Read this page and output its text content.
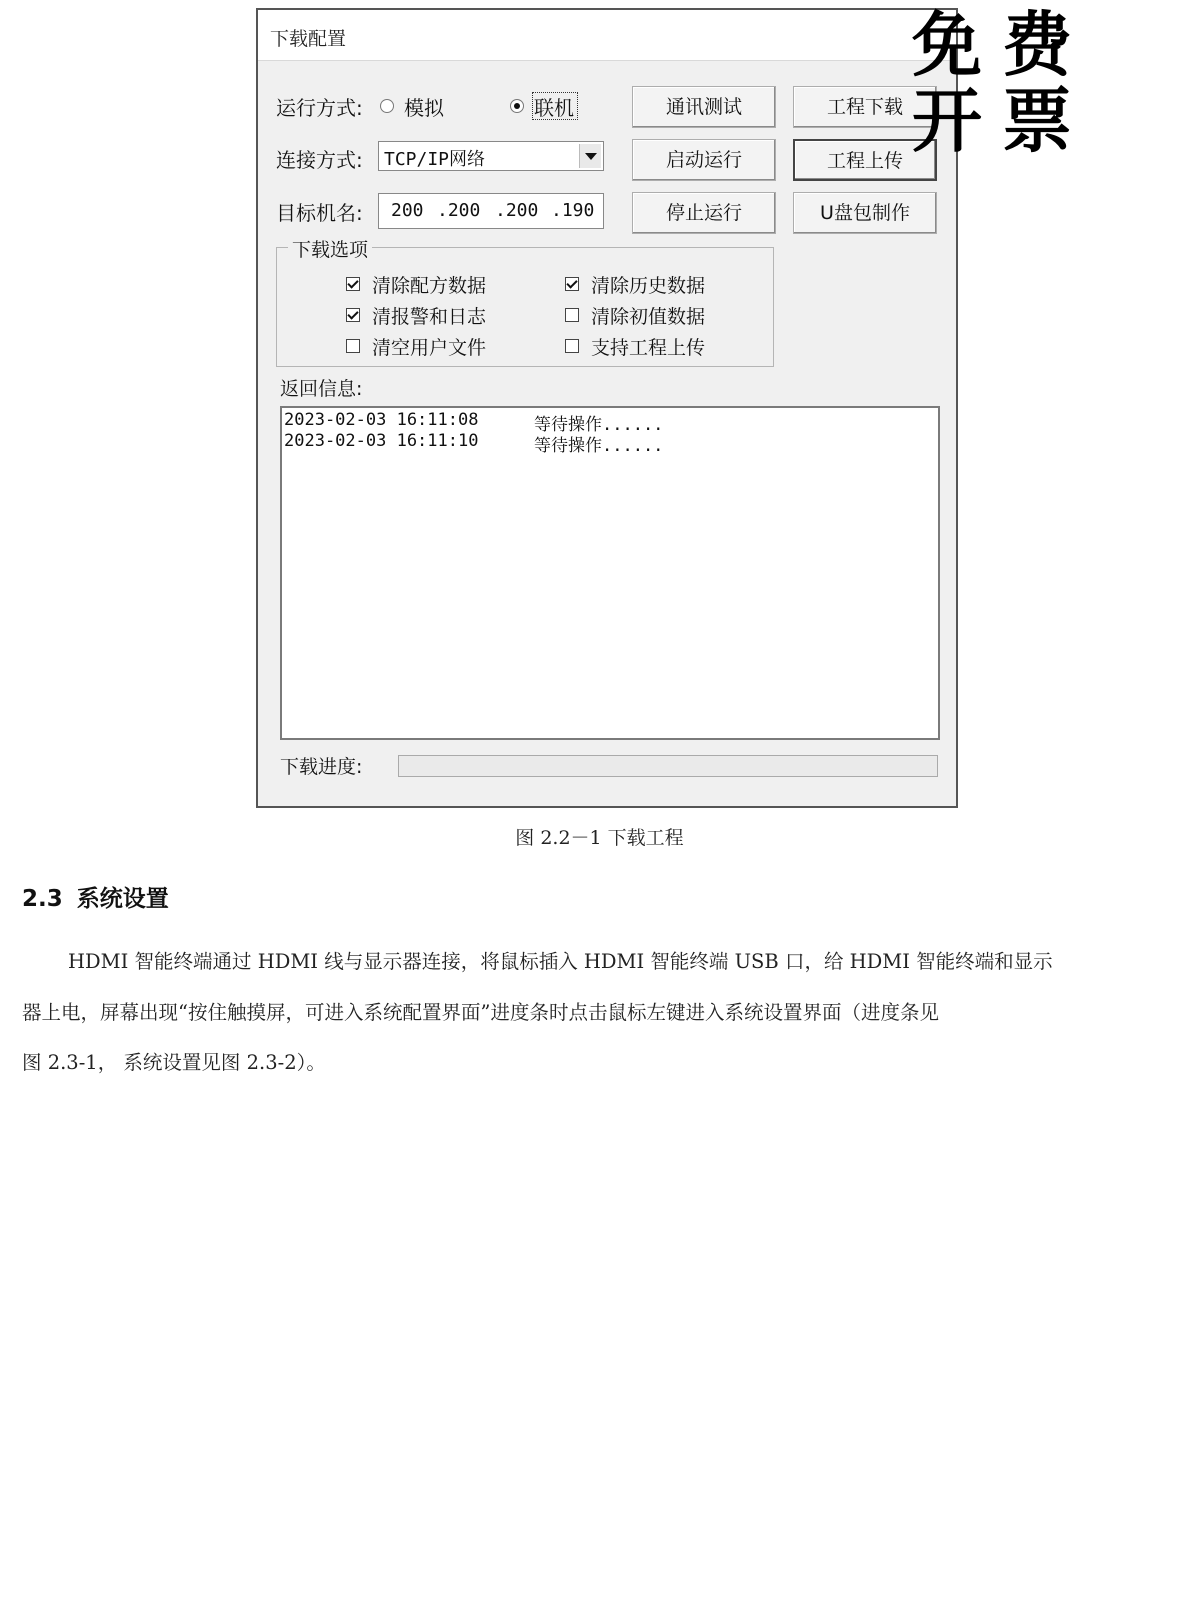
下载配置
运行方式: 模拟	联机
连接方式: TCP/IP网络
目标机名: 200 .200 .200 .190
通讯测试	工程下载
启动运行	工程上传
停止运行	U盘包制作
下载选项
清除配方数据	清除历史数据
清报警和日志	清除初值数据
清空用户文件	支持工程上传
返回信息:
2023-02-03 16:11:08	等待操作......
2023-02-03 16:11:10	等待操作......
下载进度:
免 费
开 票
图 2.2－1 下载工程
2.3 系统设置
HDMI 智能终端通过 HDMI 线与显示器连接，将鼠标插入 HDMI 智能终端 USB 口，给 HDMI 智能终端和显示
器上电，屏幕出现“按住触摸屏，可进入系统配置界面”进度条时点击鼠标左键进入系统设置界面（进度条见
图 2.3-1， 系统设置见图 2.3-2）。
